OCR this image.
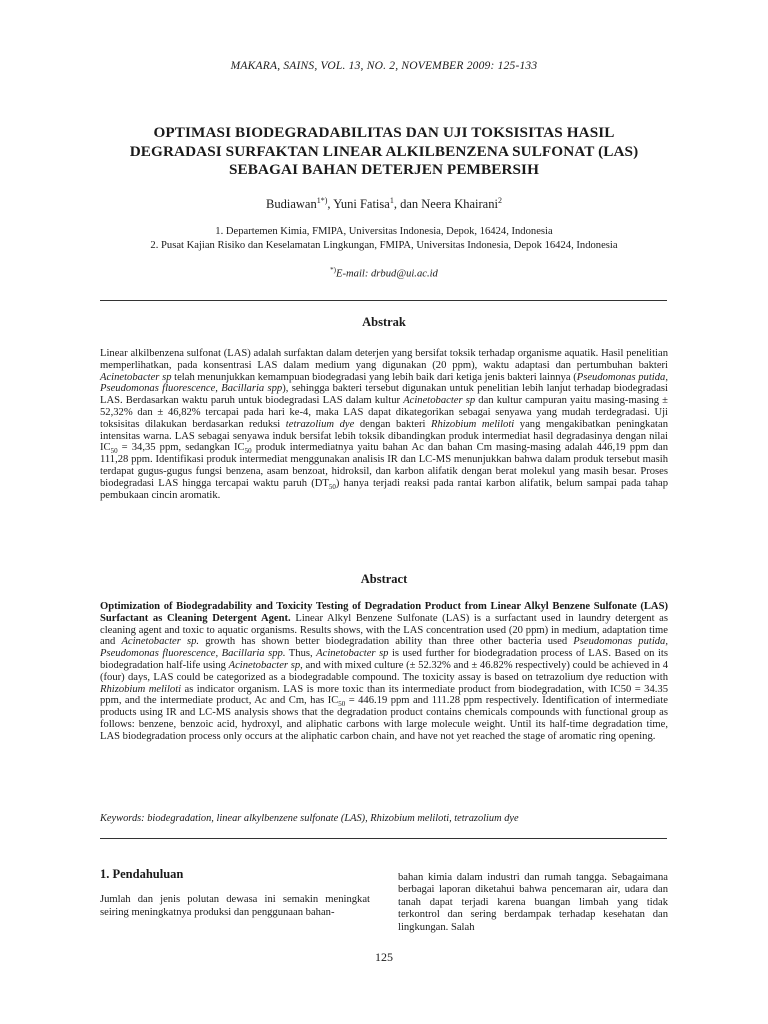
MAKARA, SAINS, VOL. 13, NO. 2, NOVEMBER 2009: 125-133
OPTIMASI BIODEGRADABILITAS DAN UJI TOKSISITAS HASIL
DEGRADASI SURFAKTAN LINEAR ALKILBENZENA SULFONAT (LAS)
SEBAGAI BAHAN DETERJEN PEMBERSIH
Budiawan$^{1*)}$, Yuni Fatisa$^1$, dan Neera Khairani$^2$
1. Departemen Kimia, FMIPA, Universitas Indonesia, Depok, 16424, Indonesia
2. Pusat Kajian Risiko dan Keselamatan Lingkungan, FMIPA, Universitas Indonesia, Depok 16424, Indonesia
*)E-mail: drbud@ui.ac.id
Abstrak

Linear alkilbenzena sulfonat (LAS) adalah surfaktan dalam deterjen yang bersifat toksik terhadap organisme aquatik. Hasil penelitian memperlihatkan, pada konsentrasi LAS dalam medium yang digunakan (20 ppm), waktu adaptasi dan pertumbuhan bakteri Acinetobacter sp telah menunjukkan kemampuan biodegradasi yang lebih baik dari ketiga jenis bakteri lainnya (Pseudomonas putida, Pseudomonas fluorescence, Bacillaria spp), sehingga bakteri tersebut digunakan untuk penelitian lebih lanjut terhadap biodegradasi LAS. Berdasarkan waktu paruh untuk biodegradasi LAS dalam kultur Acinetobacter sp dan kultur campuran yaitu masing-masing ± 52,32% dan ± 46,82% tercapai pada hari ke-4, maka LAS dapat dikategorikan sebagai senyawa yang mudah terdegradasi. Uji toksisitas dilakukan berdasarkan reduksi tetrazolium dye dengan bakteri Rhizobium meliloti yang mengakibatkan peningkatan intensitas warna. LAS sebagai senyawa induk bersifat lebih toksik dibandingkan produk intermediat hasil degradasinya dengan nilai $IC_{50} = 34,35$ ppm, sedangkan $IC_{50}$ produk intermediatnya yaitu bahan Ac dan bahan Cm masing-masing adalah 446,19 ppm dan 111,28 ppm. Identifikasi produk intermediat menggunakan analisis IR dan LC-MS menunjukkan bahwa dalam produk tersebut masih terdapat gugus-gugus fungsi benzena, asam benzoat, hidroksil, dan karbon alifatik dengan berat molekul yang masih besar. Proses biodegradasi LAS hingga tercapai waktu paruh $(DT_{50})$ hanya terjadi reaksi pada rantai karbon alifatik, belum sampai pada tahap pembukaan cincin aromatik.

Abstract

Optimization of Biodegradability and Toxicity Testing of Degradation Product from Linear Alkyl Benzene Sulfonate (LAS) Surfactant as Cleaning Detergent Agent. Linear Alkyl Benzene Sulfonate (LAS) is a surfactant used in laundry detergent as cleaning agent and toxic to aquatic organisms. Results shows, with the LAS concentration used (20 ppm) in medium, adaptation time and Acinetobacter sp. growth has shown better biodegradation ability than three other bacteria used Pseudomonas putida, Pseudomonas fluorescence, Bacillaria spp. Thus, Acinetobacter sp is used further for biodegradation process of LAS. Based on its biodegradation half-life using Acinetobacter sp, and with mixed culture (± 52.32% and ± 46.82% respectively) could be achieved in 4 (four) days, LAS could be categorized as a biodegradable compound. The toxicity assay is based on tetrazolium dye reduction with Rhizobium meliloti as indicator organism. LAS is more toxic than its intermediate product from biodegradation, with IC50 = 34.35 ppm, and the intermediate product, Ac and Cm, has $IC_{50} = 446.19$ ppm and 111.28 ppm respectively. Identification of intermediate products using IR and LC-MS analysis shows that the degradation product contains chemicals compounds with functional group as follows: benzene, benzoic acid, hydroxyl, and aliphatic carbons with large molecule weight. Until its half-time degradation time, LAS biodegradation process only occurs at the aliphatic carbon chain, and have not yet reached the stage of aromatic ring opening.

Keywords: biodegradation, linear alkylbenzene sulfonate (LAS), Rhizobium meliloti, tetrazolium dye
1. Pendahuluan

Jumlah dan jenis polutan dewasa ini semakin meningkat seiring meningkatnya produksi dan penggunaan bahan-

bahan kimia dalam industri dan rumah tangga. Sebagaimana berbagai laporan diketahui bahwa pencemaran air, udara dan tanah dapat terjadi karena buangan limbah yang tidak terkontrol dan sering berdampak terhadap kesehatan dan lingkungan. Salah

125
